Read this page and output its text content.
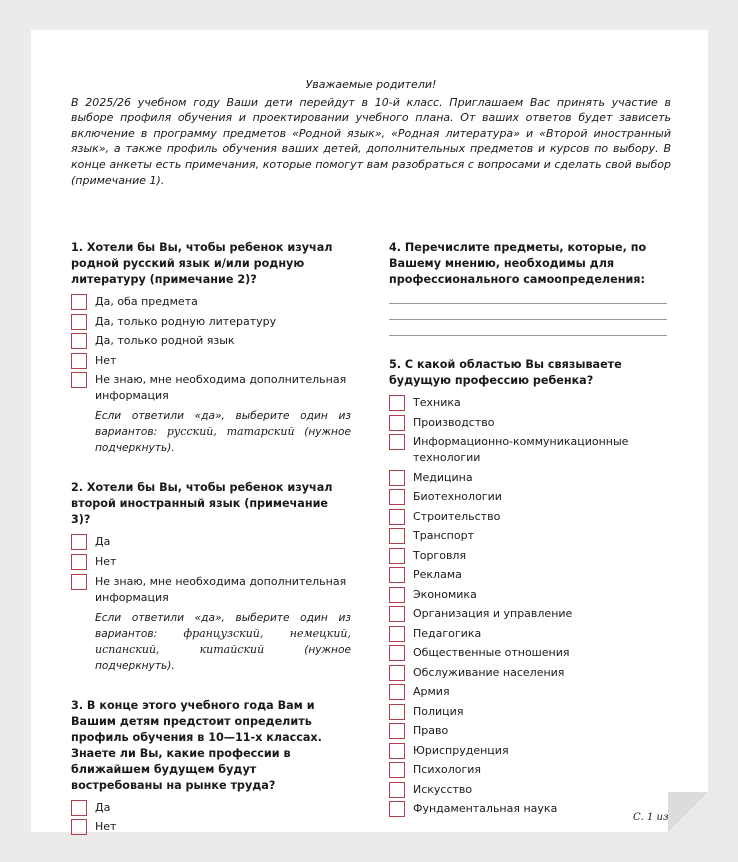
Уважаемые родители!
В 2025/26 учебном году Ваши дети перейдут в 10-й класс. Приглашаем Вас принять участие в выборе профиля обучения и проектировании учебного плана. От ваших ответов будет зависеть включение в программу предметов «Родной язык», «Родная литература» и «Второй иностранный язык», а также профиль обучения ваших детей, дополнительных предметов и курсов по выбору. В конце анкеты есть примечания, которые помогут вам разобраться с вопросами и сделать свой выбор (примечание 1).
1. Хотели бы Вы, чтобы ребенок изучал родной русский язык и/или родную литературу (примечание 2)?
Да, оба предмета
Да, только родную литературу
Да, только родной язык
Нет
Не знаю, мне необходима дополнительная информация

Если ответили «да», выберите один из вариантов: русский, татарский (нужное подчеркнуть).

2. Хотели бы Вы, чтобы ребенок изучал второй иностранный язык (примечание 3)?
Да
Нет
Не знаю, мне необходима дополнительная информация

Если ответили «да», выберите один из вариантов: французский, немецкий, испанский, китайский	(нужное подчеркнуть).

3. В конце этого учебного года Вам и Вашим детям предстоит определить профиль обучения в 10—11-х классах. Знаете ли Вы, какие профессии в ближайшем будущем будут востребованы на рынке труда?
Да
Нет
4. Перечислите предметы, которые, по Вашему мнению, необходимы для профессионального самоопределения:
5. С какой областью Вы связываете будущую профессию ребенка?
Техника
Производство
Информационно-коммуникационные технологии
Медицина
Биотехнологии
Строительство
Транспорт
Торговля
Реклама
Экономика
Организация и управление
Педагогика
Общественные отношения
Обслуживание населения
Армия
Полиция
Право
Юриспруденция
Психология
Искусство
Фундаментальная наука
С. 1 из 3
